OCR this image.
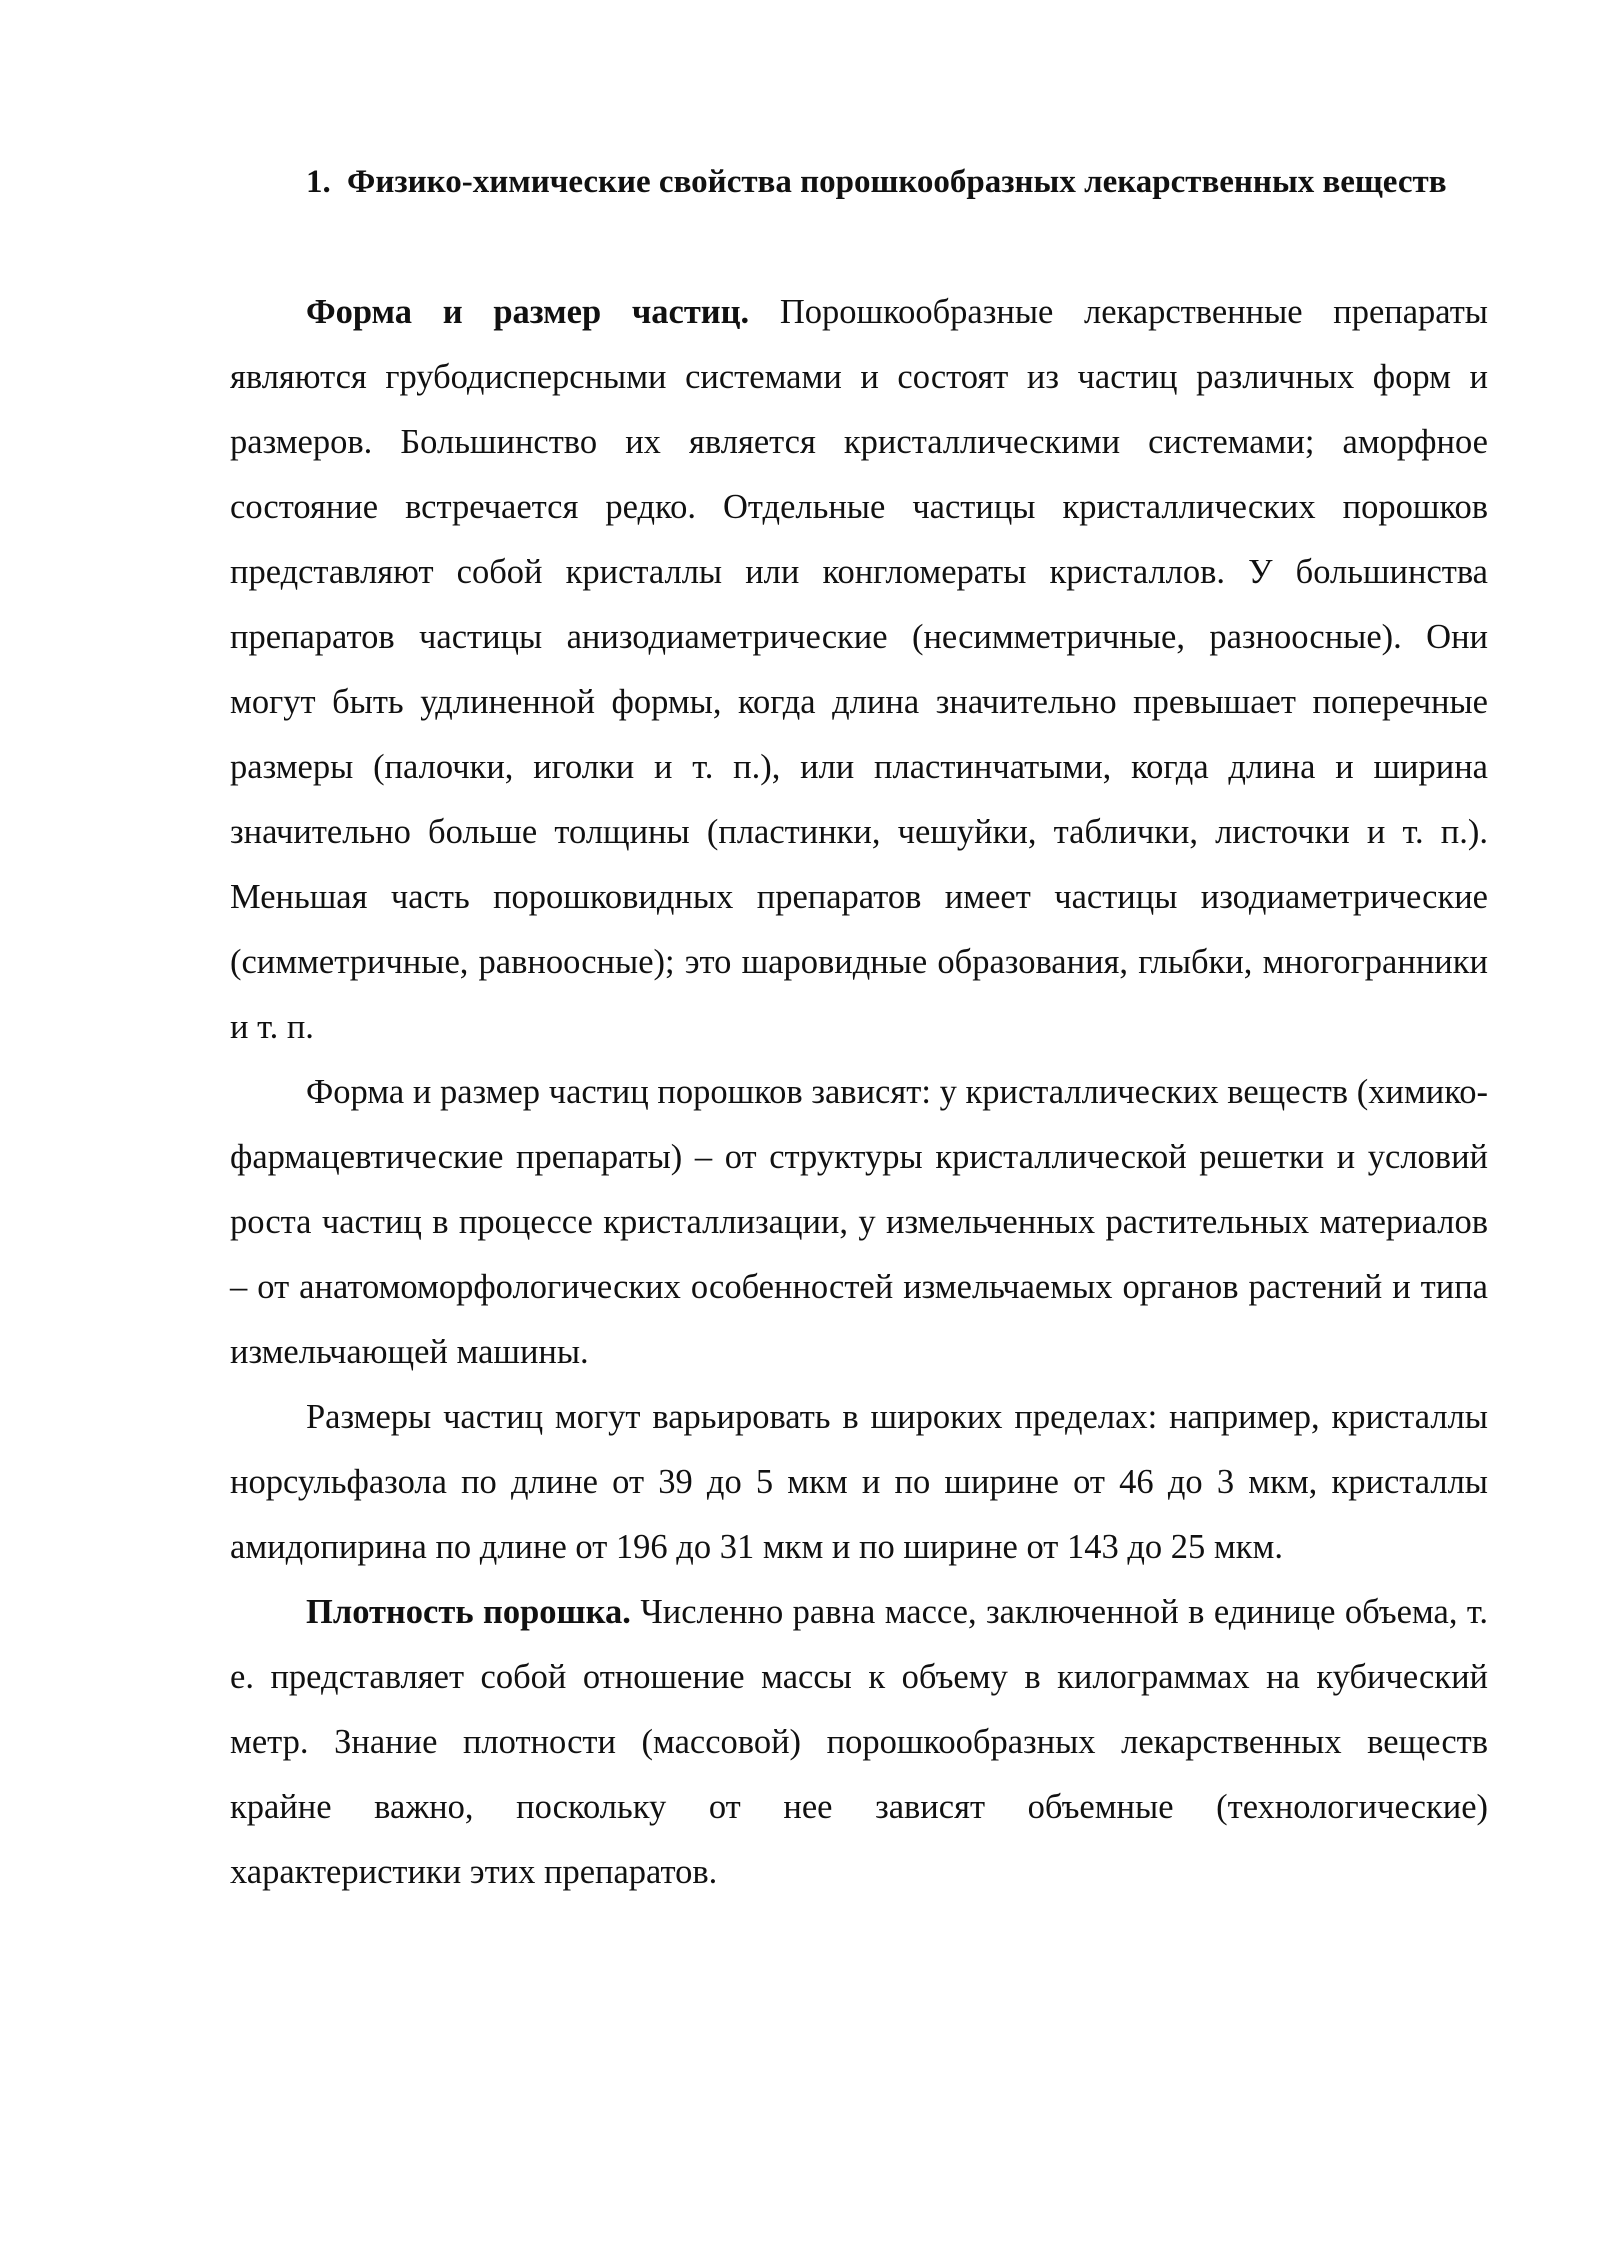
1. Физико-химические свойства порошкообразных лекарственных веществ

Форма и размер частиц. Порошкообразные лекарственные препараты являются грубодисперсными системами и состоят из частиц различных форм и размеров. Большинство их является кристаллическими системами; аморфное состояние встречается редко. Отдельные частицы кристаллических порошков представляют собой кристаллы или конгломераты кристаллов. У большинства препаратов частицы анизодиаметрические (несимметричные, разноосные). Они могут быть удлиненной формы, когда длина значительно превышает поперечные размеры (палочки, иголки и т. п.), или пластинчатыми, когда длина и ширина значительно больше толщины (пластинки, чешуйки, таблички, листочки и т. п.). Меньшая часть порошковидных препаратов имеет частицы изодиаметрические (симметричные, равноосные); это шаровидные образования, глыбки, многогранники и т. п.

Форма и размер частиц порошков зависят: у кристаллических веществ (химико-фармацевтические препараты) – от структуры кристаллической решетки и условий роста частиц в процессе кристаллизации, у измельченных растительных материалов – от анатомоморфологических особенностей измельчаемых органов растений и типа измельчающей машины.

Размеры частиц могут варьировать в широких пределах: например, кристаллы норсульфазола по длине от 39 до 5 мкм и по ширине от 46 до 3 мкм, кристаллы амидопирина по длине от 196 до 31 мкм и по ширине от 143 до 25 мкм.

Плотность порошка. Численно равна массе, заключенной в единице объема, т. е. представляет собой отношение массы к объему в килограммах на кубический метр. Знание плотности (массовой) порошкообразных лекарственных веществ крайне важно, поскольку от нее зависят объемные (технологические) характеристики этих препаратов.
